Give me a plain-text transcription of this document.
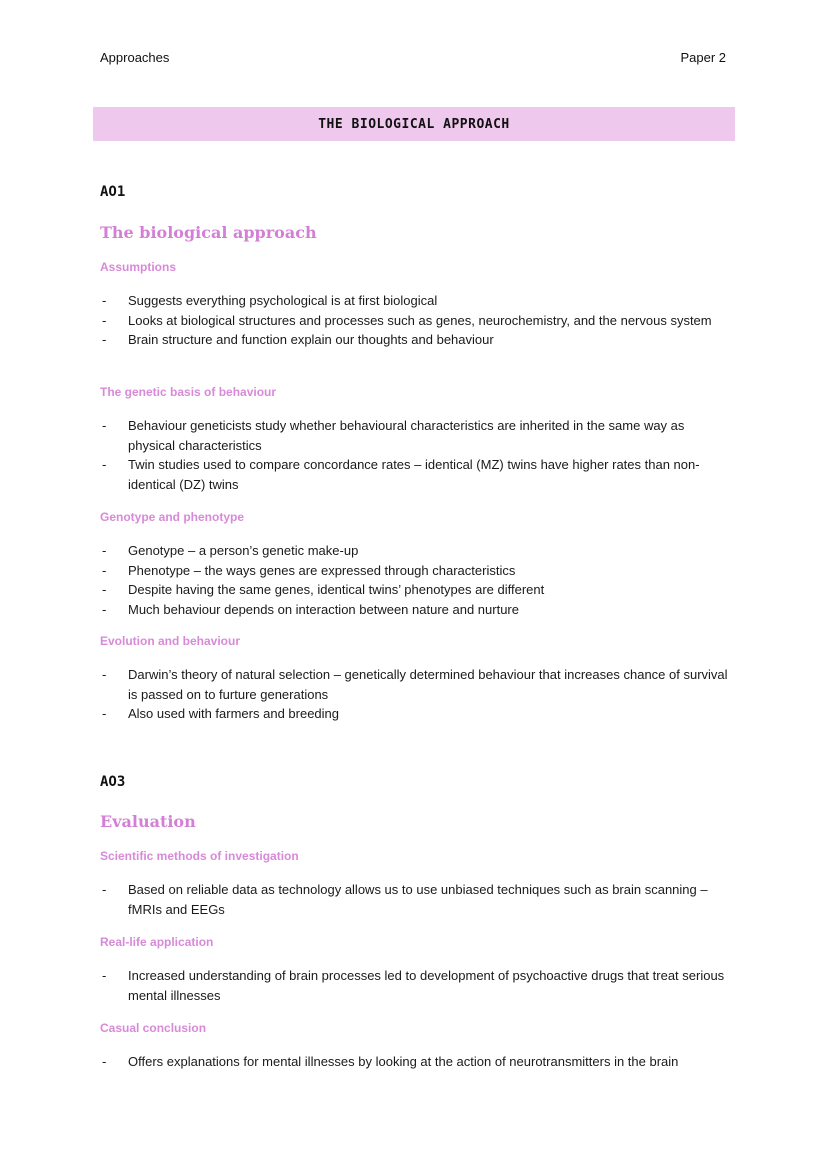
Approaches	Paper 2
THE BIOLOGICAL APPROACH
AO1
The biological approach
Assumptions
- Suggests everything psychological is at first biological
- Looks at biological structures and processes such as genes, neurochemistry, and the nervous system
- Brain structure and function explain our thoughts and behaviour
The genetic basis of behaviour
- Behaviour geneticists study whether behavioural characteristics are inherited in the same way as physical characteristics
- Twin studies used to compare concordance rates – identical (MZ) twins have higher rates than non-identical (DZ) twins
Genotype and phenotype
- Genotype – a person’s genetic make-up
- Phenotype – the ways genes are expressed through characteristics
- Despite having the same genes, identical twins’ phenotypes are different
- Much behaviour depends on interaction between nature and nurture
Evolution and behaviour
- Darwin’s theory of natural selection – genetically determined behaviour that increases chance of survival is passed on to furture generations
- Also used with farmers and breeding
AO3
Evaluation
Scientific methods of investigation
- Based on reliable data as technology allows us to use unbiased techniques such as brain scanning – fMRIs and EEGs
Real-life application
- Increased understanding of brain processes led to development of psychoactive drugs that treat serious mental illnesses
Casual conclusion
- Offers explanations for mental illnesses by looking at the action of neurotransmitters in the brain
